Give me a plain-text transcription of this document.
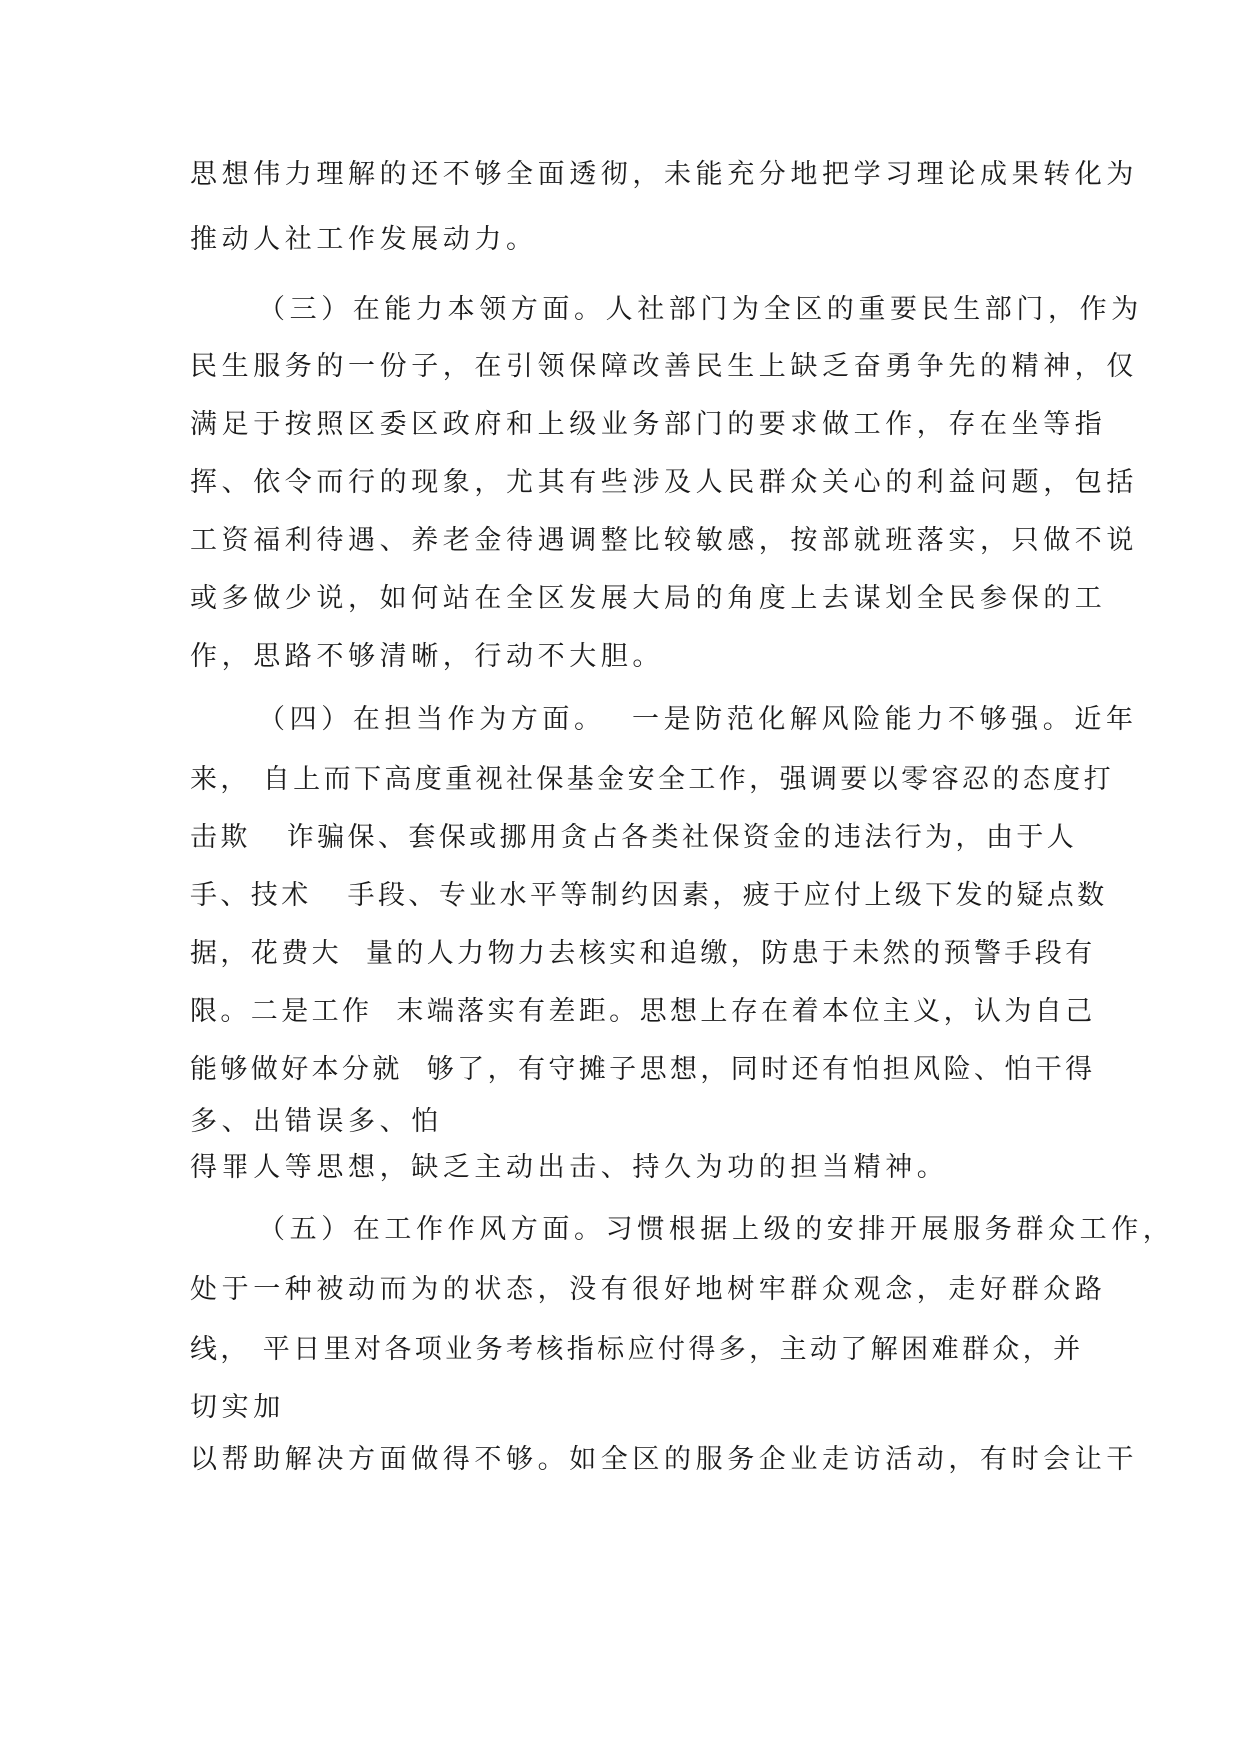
思想伟力理解的还不够全面透彻，未能充分地把学习理论成果转化为

推动人社工作发展动力。

（三）在能力本领方面。人社部门为全区的重要民生部门，作为

民生服务的一份子，在引领保障改善民生上缺乏奋勇争先的精神，仅

满足于按照区委区政府和上级业务部门的要求做工作，存在坐等指

挥、依令而行的现象，尤其有些涉及人民群众关心的利益问题，包括

工资福利待遇、养老金待遇调整比较敏感，按部就班落实，只做不说

或多做少说，如何站在全区发展大局的角度上去谋划全民参保的工

作，思路不够清晰，行动不大胆。

（四）在担当作为方面。  一是防范化解风险能力不够强。近年

来， 自上而下高度重视社保基金安全工作，强调要以零容忍的态度打

击欺   诈骗保、套保或挪用贪占各类社保资金的违法行为，由于人

手、技术   手段、专业水平等制约因素，疲于应付上级下发的疑点数

据，花费大  量的人力物力去核实和追缴，防患于未然的预警手段有

限。二是工作  末端落实有差距。思想上存在着本位主义，认为自己

能够做好本分就  够了，有守摊子思想，同时还有怕担风险、怕干得

多、出错误多、怕

得罪人等思想，缺乏主动出击、持久为功的担当精神。

（五）在工作作风方面。习惯根据上级的安排开展服务群众工作，

处于一种被动而为的状态，没有很好地树牢群众观念，走好群众路

线， 平日里对各项业务考核指标应付得多，主动了解困难群众，并

切实加

以帮助解决方面做得不够。如全区的服务企业走访活动，有时会让干
